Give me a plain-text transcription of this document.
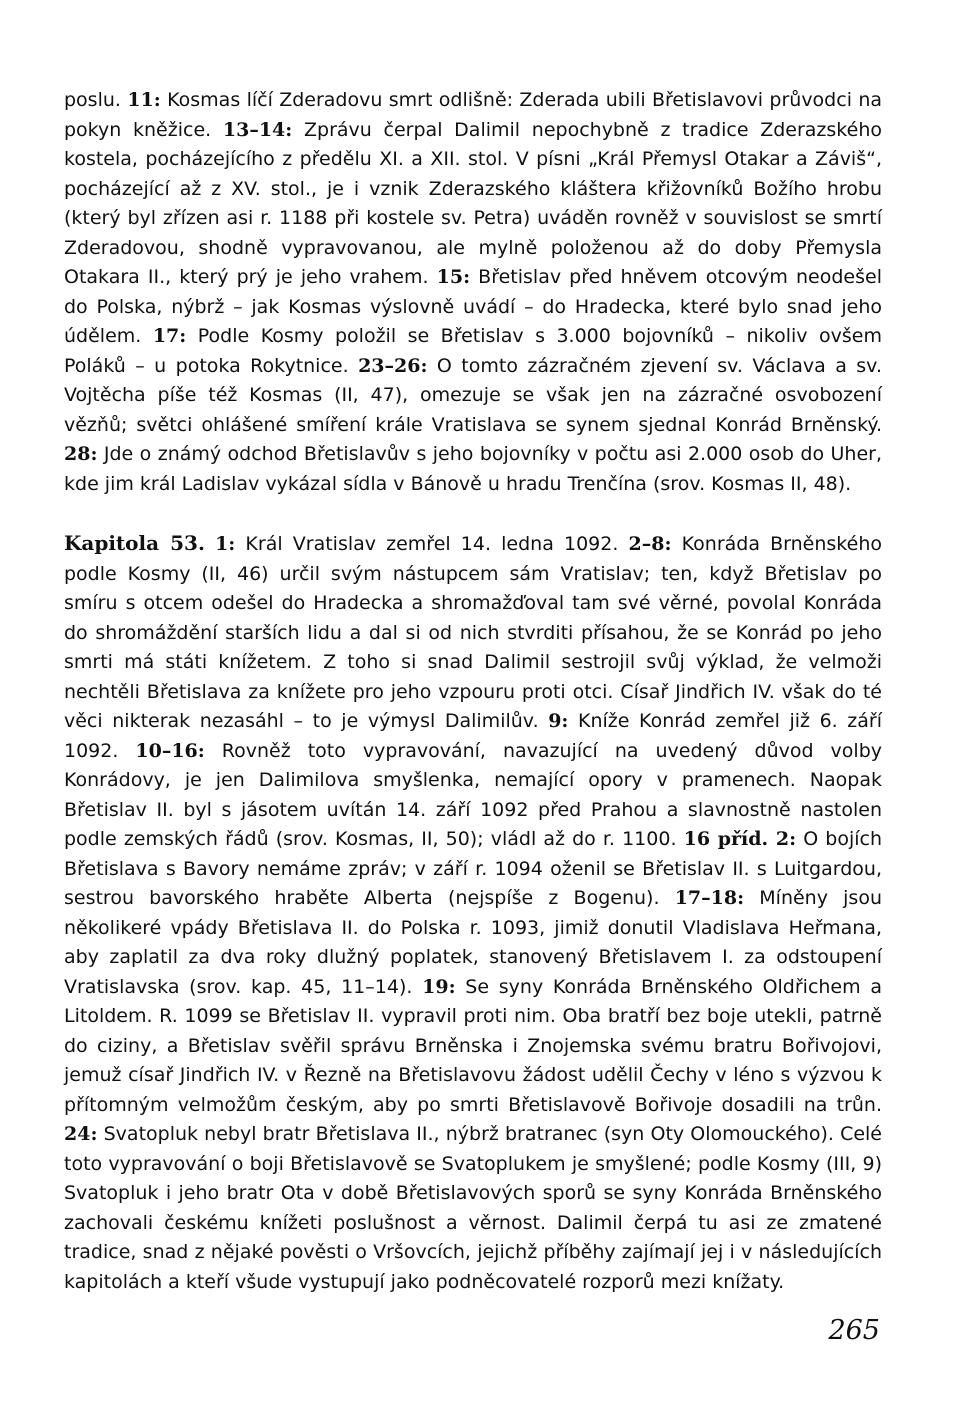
poslu. 11: Kosmas líčí Zderadovu smrt odlišně: Zderada ubili Břetislavovi průvodci na pokyn kněžice. 13–14: Zprávu čerpal Dalimil nepochybně z tradice Zderazského kostela, pocházejícího z předělu XI. a XII. stol. V písni „Král Přemysl Otakar a Záviš“, pocházející až z XV. stol., je i vznik Zderazského kláštera křižovníků Božího hrobu (který byl zřízen asi r. 1188 při kostele sv. Petra) uváděn rovněž v souvislost se smrtí Zderadovou, shodně vypravovanou, ale mylně položenou až do doby Přemysla Otakara II., který prý je jeho vrahem. 15: Břetislav před hněvem otcovým neodešel do Polska, nýbrž – jak Kosmas výslovně uvádí – do Hradecka, které bylo snad jeho údělem. 17: Podle Kosmy položil se Břetislav s 3.000 bojovníků – nikoliv ovšem Poláků – u potoka Rokytnice. 23–26: O tomto zázračném zjevení sv. Václava a sv. Vojtěcha píše též Kosmas (II, 47), omezuje se však jen na zázračné osvobození vězňů; světci ohlášené smíření krále Vratislava se synem sjednal Konrád Brněnský. 28: Jde o známý odchod Břetislavův s jeho bojovníky v počtu asi 2.000 osob do Uher, kde jim král Ladislav vykázal sídla v Bánově u hradu Trenčína (srov. Kosmas II, 48).

Kapitola 53. 1: Král Vratislav zemřel 14. ledna 1092. 2–8: Konráda Brněnského podle Kosmy (II, 46) určil svým nástupcem sám Vratislav; ten, když Břetislav po smíru s otcem odešel do Hradecka a shromažďoval tam své věrné, povolal Konráda do shromáždění starších lidu a dal si od nich stvrditi přísahou, že se Konrád po jeho smrti má státi knížetem. Z toho si snad Dalimil sestrojil svůj výklad, že velmoži nechtěli Břetislava za knížete pro jeho vzpouru proti otci. Císař Jindřich IV. však do té věci nikterak nezasáhl – to je výmysl Dalimilův. 9: Kníže Konrád zemřel již 6. září 1092. 10–16: Rovněž toto vypravování, navazující na uvedený důvod volby Konrádovy, je jen Dalimilova smyšlenka, nemající opory v pramenech. Naopak Břetislav II. byl s jásotem uvítán 14. září 1092 před Prahou a slavnostně nastolen podle zemských řádů (srov. Kosmas, II, 50); vládl až do r. 1100. 16 příd. 2: O bojích Břetislava s Bavory nemáme zpráv; v září r. 1094 oženil se Břetislav II. s Luitgardou, sestrou bavorského hraběte Alberta (nejspíše z Bogenu). 17–18: Míněny jsou několikeré vpády Břetislava II. do Polska r. 1093, jimiž donutil Vladislava Heřmana, aby zaplatil za dva roky dlužný poplatek, stanovený Břetislavem I. za odstoupení Vratislavska (srov. kap. 45, 11–14). 19: Se syny Konráda Brněnského Oldřichem a Litoldem. R. 1099 se Břetislav II. vypravil proti nim. Oba bratří bez boje utekli, patrně do ciziny, a Břetislav svěřil správu Brněnska i Znojemska svému bratru Bořivojovi, jemuž císař Jindřich IV. v Řezně na Břetislavovu žádost udělil Čechy v léno s výzvou k přítomným velmožům českým, aby po smrti Břetislavově Bořivoje dosadili na trůn. 24: Svatopluk nebyl bratr Břetislava II., nýbrž bratranec (syn Oty Olomouckého). Celé toto vypravování o boji Břetislavově se Svatoplukem je smyšlené; podle Kosmy (III, 9) Svatopluk i jeho bratr Ota v době Břetislavových sporů se syny Konráda Brněnského zachovali českému knížeti poslušnost a věrnost. Dalimil čerpá tu asi ze zmatené tradice, snad z nějaké pověsti o Vršovcích, jejichž příběhy zajímají jej i v následujících kapitolách a kteří všude vystupují jako podněcovatelé rozporů mezi knížaty.

265
